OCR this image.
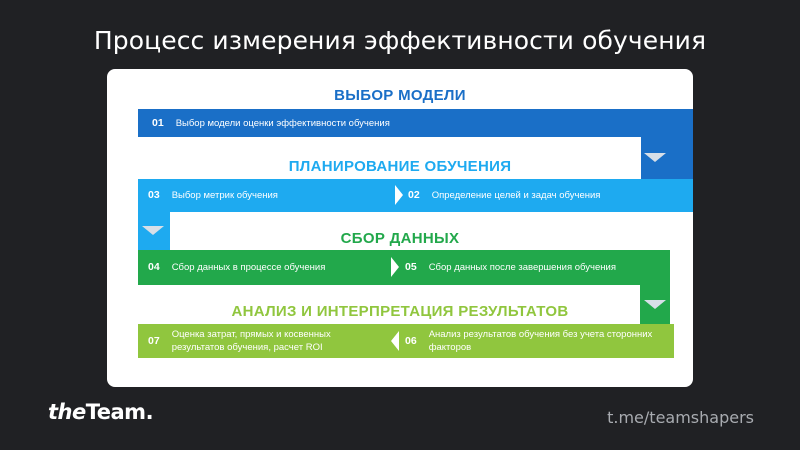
Процесс измерения эффективности обучения
ВЫБОР МОДЕЛИ
01 Выбор модели оценки эффективности обучения
ПЛАНИРОВАНИЕ ОБУЧЕНИЯ
03 Выбор метрик обучения	02 Определение целей и задач обучения
СБОР ДАННЫХ
04 Сбор данных в процессе обучения	05 Сбор данных после завершения обучения
АНАЛИЗ И ИНТЕРПРЕТАЦИЯ РЕЗУЛЬТАТОВ
07 Оценка затрат, прямых и косвенных результатов обучения, расчет ROI
06 Анализ результатов обучения без учета сторонних факторов
theTeam.	t.me/teamshapers
